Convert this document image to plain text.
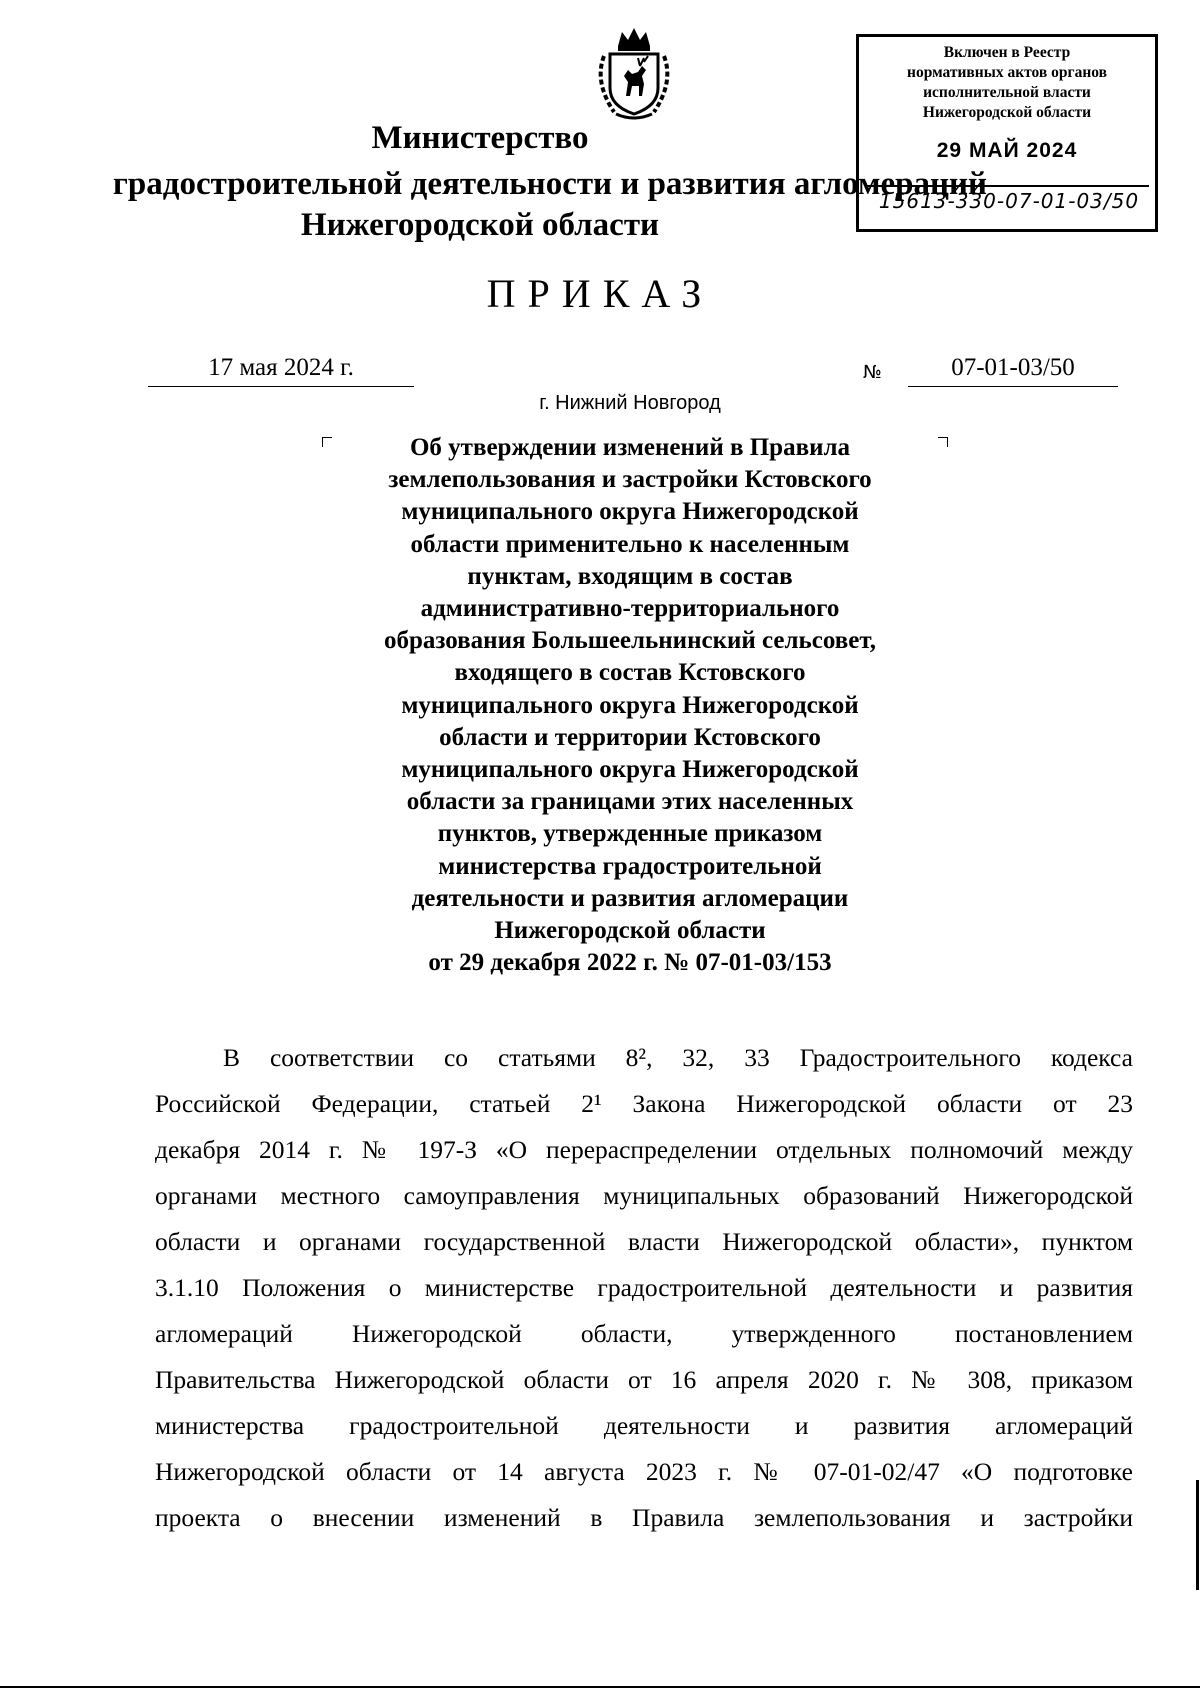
Министерство
градостроительной деятельности и развития агломераций
Нижегородской области
Включен в Реестр
нормативных актов органов
исполнительной власти
Нижегородской области
29 МАЙ 2024
15613-330-07-01-03/50
ПРИКАЗ
17 мая 2024 г.	№	07-01-03/50
г. Нижний Новгород
Об утверждении изменений в Правила
землепользования и застройки Кстовского
муниципального округа Нижегородской
области применительно к населенным
пунктам, входящим в состав
административно-территориального
образования Большеельнинский сельсовет,
входящего в состав Кстовского
муниципального округа Нижегородской
области и территории Кстовского
муниципального округа Нижегородской
области за границами этих населенных
пунктов, утвержденные приказом
министерства градостроительной
деятельности и развития агломерации
Нижегородской области
от 29 декабря 2022 г. № 07-01-03/153
В соответствии со статьями 8², 32, 33 Градостроительного кодекса
Российской Федерации, статьей 2¹ Закона Нижегородской области от 23
декабря 2014 г. № 197-З «О перераспределении отдельных полномочий между
органами местного самоуправления муниципальных образований Нижегородской
области и органами государственной власти Нижегородской области», пунктом
3.1.10 Положения о министерстве градостроительной деятельности и развития
агломераций Нижегородской области, утвержденного постановлением
Правительства Нижегородской области от 16 апреля 2020 г. № 308, приказом
министерства градостроительной деятельности и развития агломераций
Нижегородской области от 14 августа 2023 г. № 07-01-02/47 «О подготовке
проекта о внесении изменений в Правила землепользования и застройки
